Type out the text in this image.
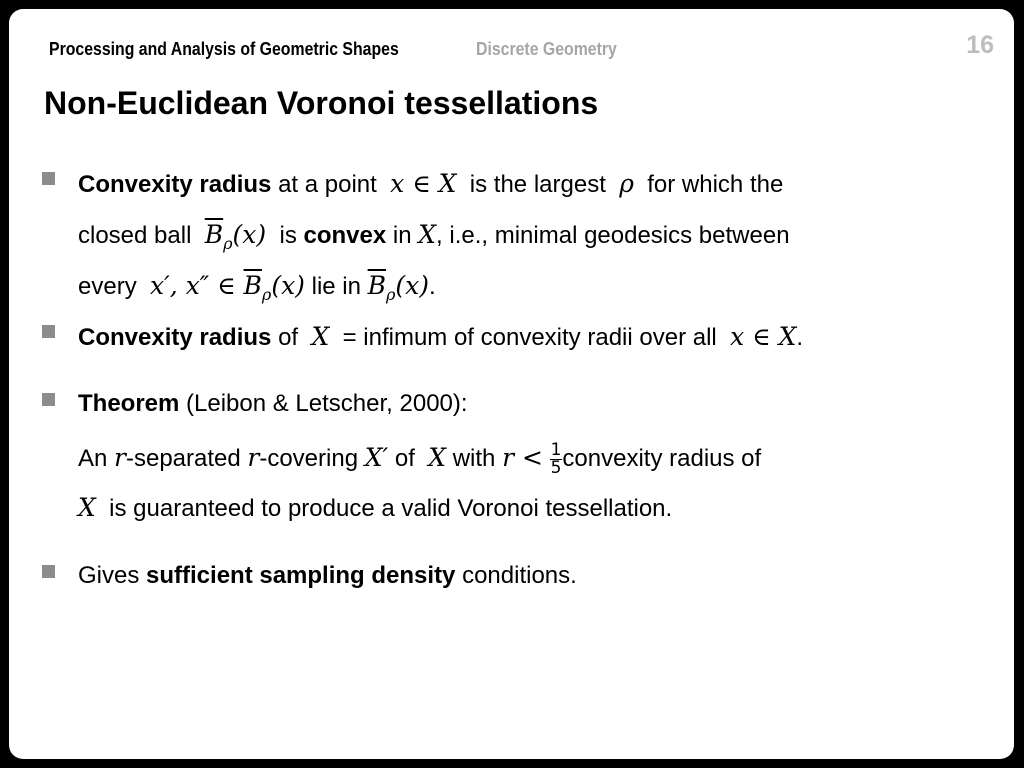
Processing and Analysis of Geometric Shapes	Discrete Geometry	16
Non-Euclidean Voronoi tessellations
Convexity radius at a point  x ∈ X  is the largest  ρ  for which the
closed ball  $\overline{B}_\rho(x)$  is convex in X, i.e., minimal geodesics between
every  x′, x″ ∈ $\overline{B}_\rho(x)$ lie in $\overline{B}_\rho(x)$.
Convexity radius of  X  = infimum of convexity radii over all  x ∈ X.
Theorem (Leibon & Letscher, 2000):
An r-separated r-covering X′ of  X with $r < \frac{1}{5}$ convexity radius of
X  is guaranteed to produce a valid Voronoi tessellation.
Gives sufficient sampling density conditions.
